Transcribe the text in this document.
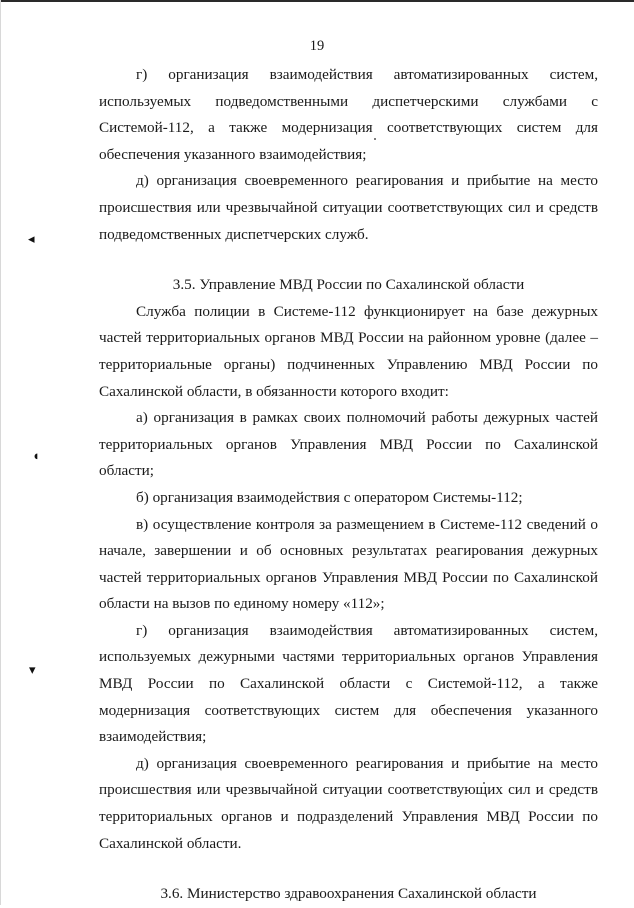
19
◂
◖
▾

г) организация взаимодействия автоматизированных систем, используемых подведомственными диспетчерскими службами с Системой-112, а также модернизация соответствующих систем для обеспечения указанного взаимодействия;

д) организация своевременного реагирования и прибытие на место происшествия или чрезвычайной ситуации соответствующих сил и средств подведомственных диспетчерских служб.

3.5. Управление МВД России по Сахалинской области

Служба полиции в Системе-112 функционирует на базе дежурных частей территориальных органов МВД России на районном уровне (далее – территориальные органы) подчиненных Управлению МВД России по Сахалинской области, в обязанности которого входит:

а) организация в рамках своих полномочий работы дежурных частей территориальных органов Управления МВД России по Сахалинской области;

б) организация взаимодействия с оператором Системы-112;

в) осуществление контроля за размещением в Системе-112 сведений о начале, завершении и об основных результатах реагирования дежурных частей территориальных органов Управления МВД России по Сахалинской области на вызов по единому номеру «112»;

г) организация взаимодействия автоматизированных систем, используемых дежурными частями территориальных органов Управления МВД России по Сахалинской области с Системой-112, а также модернизация соответствующих систем для обеспечения указанного взаимодействия;

д) организация своевременного реагирования и прибытие на место происшествия или чрезвычайной ситуации соответствующих сил и средств территориальных органов и подразделений Управления МВД России по Сахалинской области.

3.6. Министерство здравоохранения Сахалинской области
